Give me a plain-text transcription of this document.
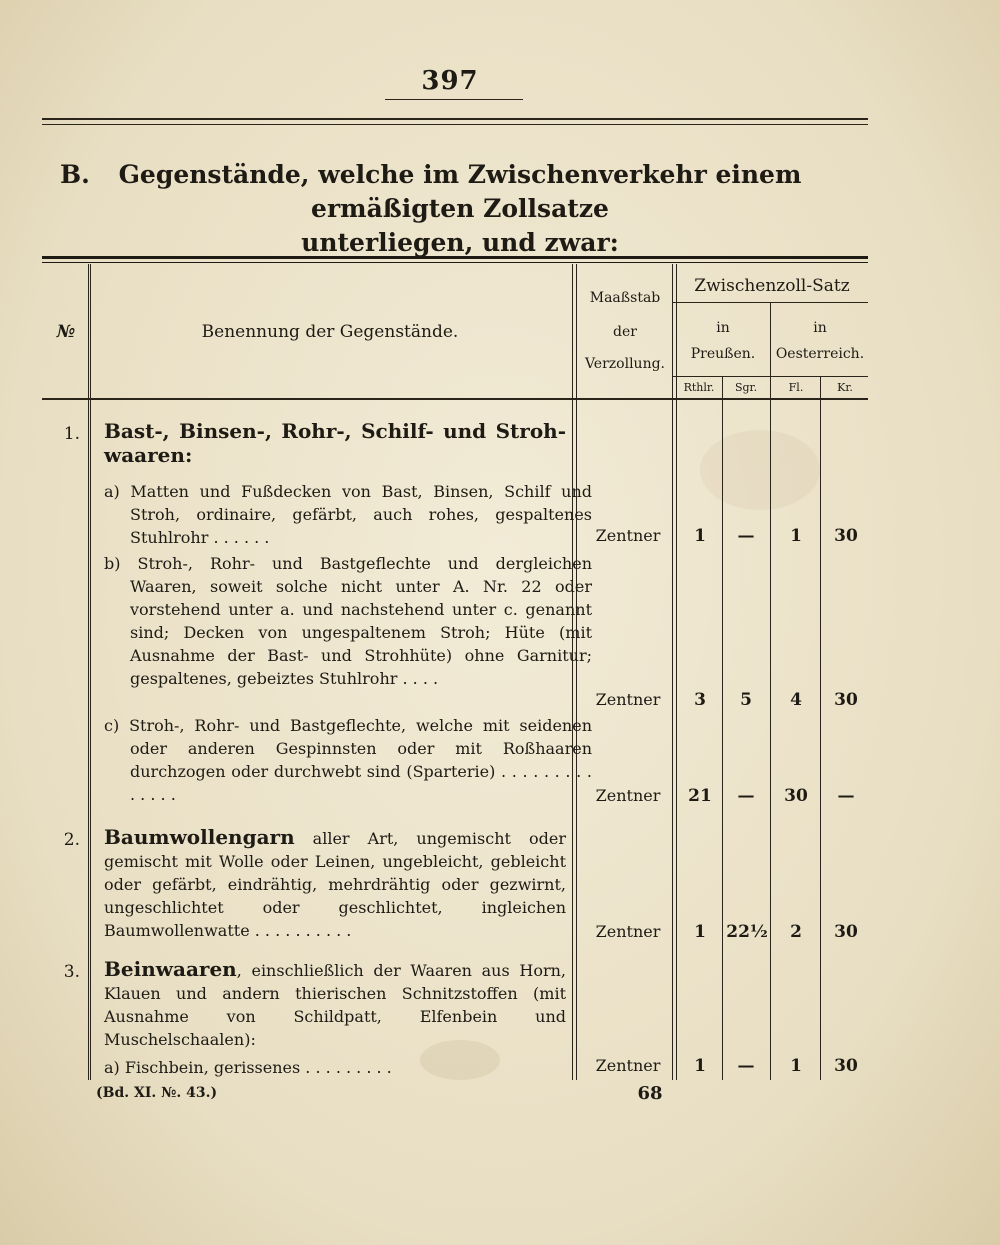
397
B.	Gegenstände, welche im Zwischenverkehr einem ermäßigten Zollsatze
unterliegen, und zwar:
№	Benennung der Gegenstände.
Maaßstab
der
Verzollung.
Zwischenzoll-Satz
in
Preußen.
in
Oesterreich.
Rthlr.	Sgr.	Fl.	Kr.
1. Bast-, Binsen-, Rohr-, Schilf- und Stroh- waaren:
a) Matten und Fußdecken von Bast, Binsen, Schilf und Stroh, ordinaire, gefärbt, auch rohes, gespaltenes Stuhlrohr . . . . . .	Zentner	1	—	1	30
b) Stroh-, Rohr- und Bastgeflechte und dergleichen Waaren, soweit solche nicht unter A. Nr. 22 oder vorstehend unter a. und nachstehend unter c. genannt sind; Decken von ungespaltenem Stroh; Hüte (mit Ausnahme der Bast- und Strohhüte) ohne Garnitur; gespaltenes, gebeiztes Stuhlrohr . . . .
Zentner	3	5	4	30
c) Stroh-, Rohr- und Bastgeflechte, welche mit seidenen oder anderen Gespinnsten oder mit Roßhaaren durchzogen oder durchwebt sind (Sparterie) . . . . . . . . . . . . . .	Zentner	21	—	30	—
2. Baumwollengarn aller Art, ungemischt oder gemischt mit Wolle oder Leinen, ungebleicht, gebleicht oder gefärbt, eindrähtig, mehrdrähtig oder gezwirnt, ungeschlichtet oder geschlichtet, ingleichen Baumwollenwatte . . . . . . . . . .	Zentner	1	22½	2	30
3. Beinwaaren, einschließlich der Waaren aus Horn, Klauen und andern thierischen Schnitzstoffen (mit Ausnahme von Schildpatt, Elfenbein und Muschelschaalen):
a) Fischbein, gerissenes . . . . . . . . .	Zentner	1	—	1	30
(Bd. XI. №. 43.)	68
